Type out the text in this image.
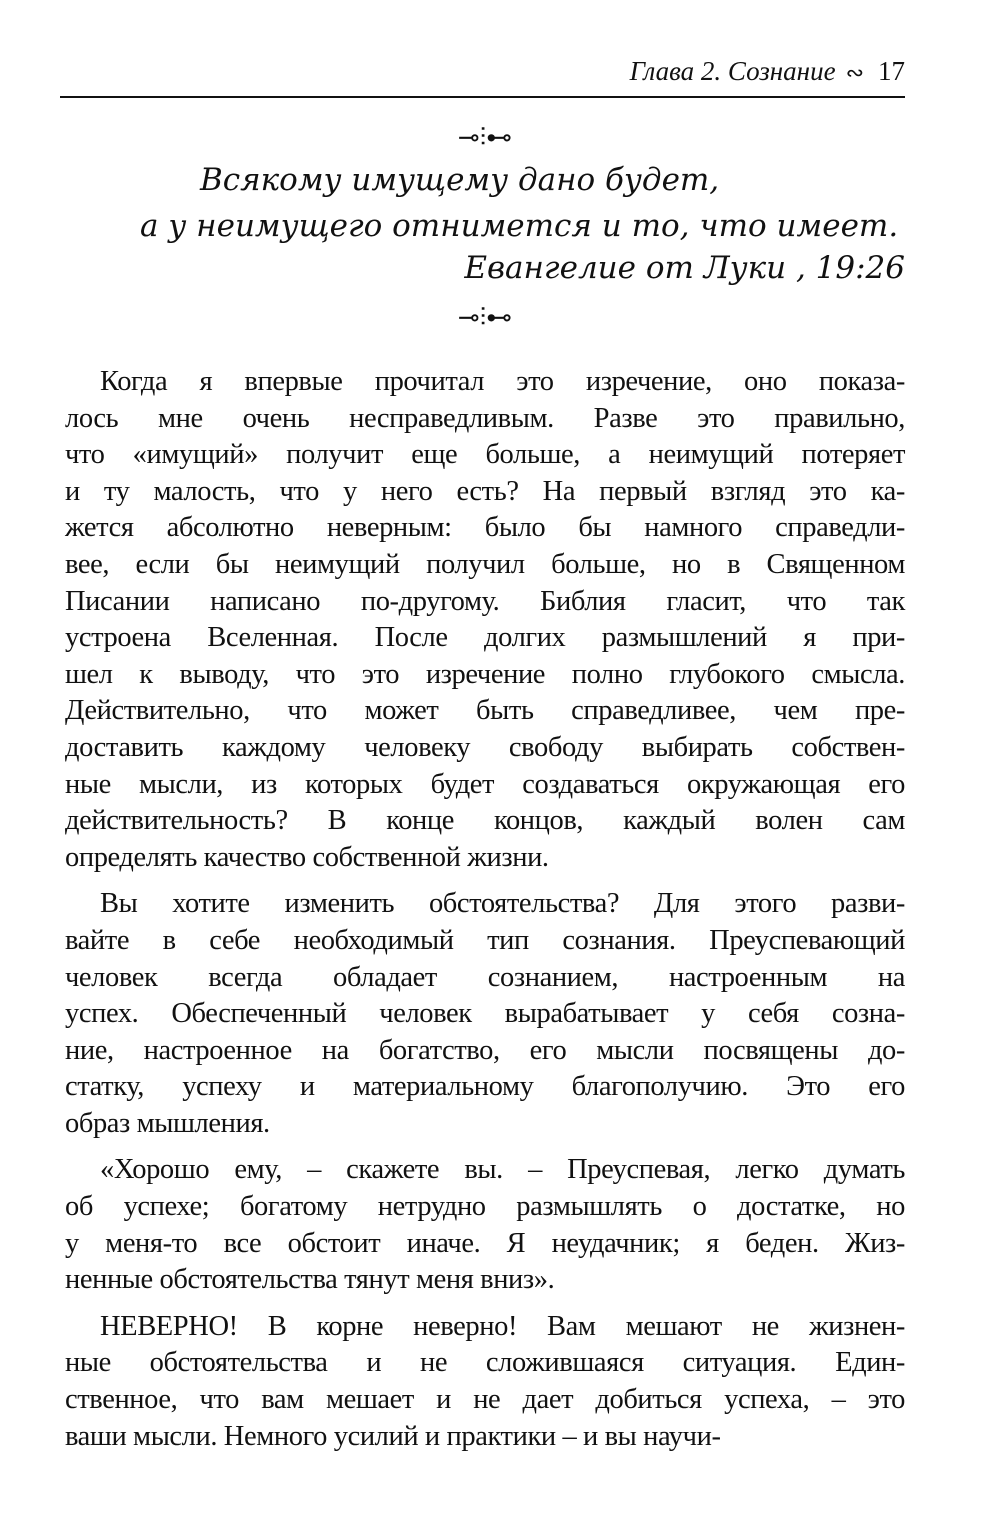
Глава 2. Сознание ∾ 17
⊸⫶⊷
Всякому имущему дано будет,
а у неимущего отнимется и то, что имеет.
Евангелие от Луки , 19:26
⊸⫶⊷
Когда я впервые прочитал это изречение, оно показа-
лось мне очень несправедливым. Разве это правильно,
что «имущий» получит еще больше, а неимущий потеряет
и ту малость, что у него есть? На первый взгляд это ка-
жется абсолютно неверным: было бы намного справедли-
вее, если бы неимущий получил больше, но в Священном
Писании написано по-другому. Библия гласит, что так
устроена Вселенная. После долгих размышлений я при-
шел к выводу, что это изречение полно глубокого смысла.
Действительно, что может быть справедливее, чем пре-
доставить каждому человеку свободу выбирать собствен-
ные мысли, из которых будет создаваться окружающая его
действительность? В конце концов, каждый волен сам
определять качество собственной жизни.
Вы хотите изменить обстоятельства? Для этого разви-
вайте в себе необходимый тип сознания. Преуспевающий
человек всегда обладает сознанием, настроенным на
успех. Обеспеченный человек вырабатывает у себя созна-
ние, настроенное на богатство, его мысли посвящены до-
статку, успеху и материальному благополучию. Это его
образ мышления.
«Хорошо ему, – скажете вы. – Преуспевая, легко думать
об успехе; богатому нетрудно размышлять о достатке, но
у меня-то все обстоит иначе. Я неудачник; я беден. Жиз-
ненные обстоятельства тянут меня вниз».
НЕВЕРНО! В корне неверно! Вам мешают не жизнен-
ные обстоятельства и не сложившаяся ситуация. Един-
ственное, что вам мешает и не дает добиться успеха, – это
ваши мысли. Немного усилий и практики – и вы научи-
